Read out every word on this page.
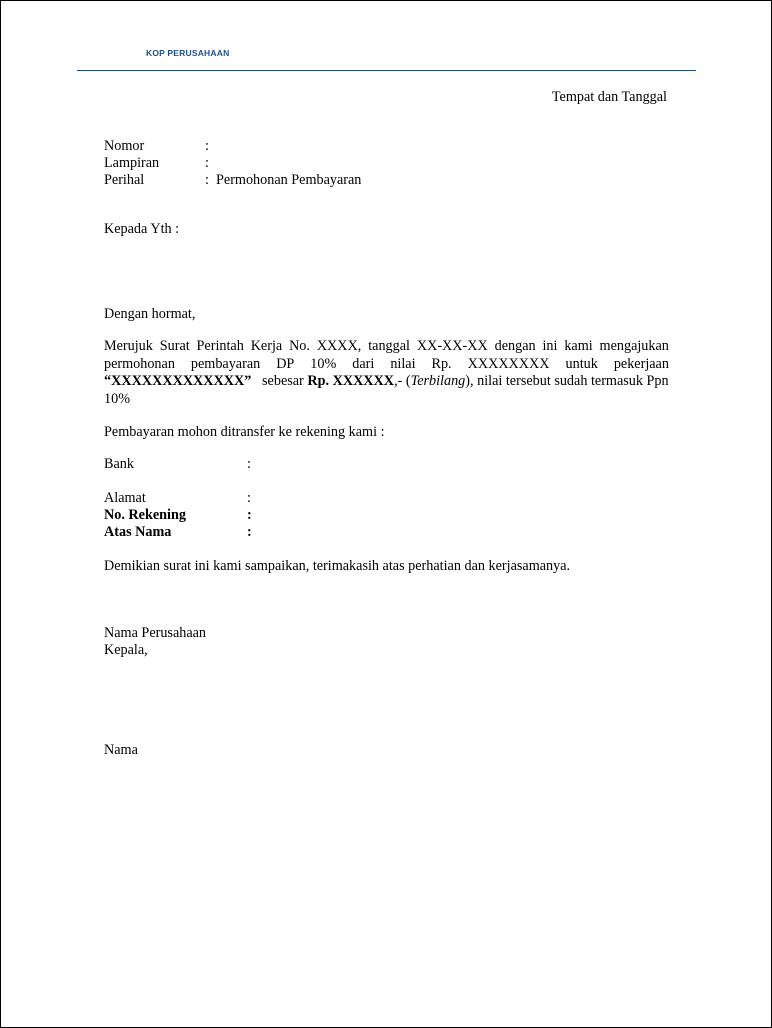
KOP PERUSAHAAN
Tempat dan Tanggal
Nomor	:
Lampiran	:
Perihal	: Permohonan Pembayaran
Kepada Yth :
Dengan hormat,
Merujuk Surat Perintah Kerja No. XXXX, tanggal XX-XX-XX dengan ini kami mengajukan
permohonan pembayaran DP 10% dari nilai Rp. XXXXXXXX untuk pekerjaan
“XXXXXXXXXXXXX” sebesar Rp. XXXXXX,- (Terbilang), nilai tersebut sudah termasuk Ppn
10%
Pembayaran mohon ditransfer ke rekening kami :
Bank	:
Alamat	:
No. Rekening	:
Atas Nama	:
Demikian surat ini kami sampaikan, terimakasih atas perhatian dan kerjasamanya.
Nama Perusahaan
Kepala,
Nama
